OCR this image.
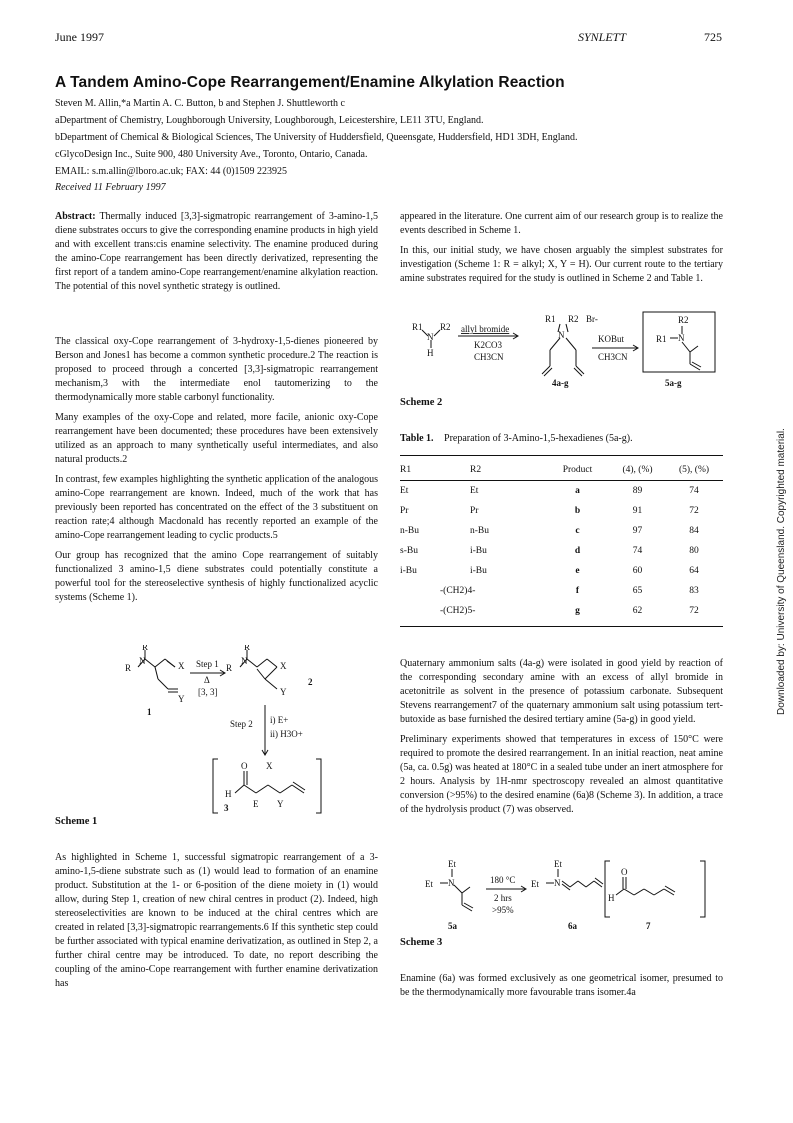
June 1997	SYNLETT	725
A Tandem Amino-Cope Rearrangement/Enamine Alkylation Reaction
Steven M. Allin,*a Martin A. C. Button, b and Stephen J. Shuttleworth c
aDepartment of Chemistry, Loughborough University, Loughborough, Leicestershire, LE11 3TU, England.
bDepartment of Chemical & Biological Sciences, The University of Huddersfield, Queensgate, Huddersfield, HD1 3DH, England.
cGlycoDesign Inc., Suite 900, 480 University Ave., Toronto, Ontario, Canada.
EMAIL: s.m.allin@lboro.ac.uk; FAX: 44 (0)1509 223925
Received 11 February 1997

Abstract: Thermally induced [3,3]-sigmatropic rearrangement of 3-amino-1,5 diene substrates occurs to give the corresponding enamine products in high yield and with excellent trans:cis enamine selectivity. The enamine produced during the amino-Cope rearrangement has been directly derivatized, representing the first report of a tandem amino-Cope rearrangement/enamine alkylation reaction. The potential of this novel synthetic strategy is outlined.

The classical oxy-Cope rearrangement of 3-hydroxy-1,5-dienes pioneered by Berson and Jones1 has become a common synthetic procedure.2 The reaction is proposed to proceed through a concerted [3,3]-sigmatropic rearrangement mechanism,3 with the intermediate enol tautomerizing to the thermodynamically more stable carbonyl functionality.

Many examples of the oxy-Cope and related, more facile, anionic oxy-Cope rearrangement have been documented; these procedures have been extensively utilized as an approach to many synthetically useful intermediates, and also natural products.2

In contrast, few examples highlighting the synthetic application of the analogous amino-Cope rearrangement are known. Indeed, much of the work that has previously been reported has concentrated on the effect of the 3 substituent on reaction rate;4 although Macdonald has recently reported an example of the amino-Cope rearrangement leading to cyclic products.5

Our group has recognized that the amino Cope rearrangement of suitably functionalized 3 amino-1,5 diene substrates could potentially constitute a powerful tool for the stereoselective synthesis of highly functionalized acyclic systems (Scheme 1).

R
R
N	X
Y
1
Step 1
Δ
[3, 3]
R
R
N	X
Y
2
Step 2 i) E+
ii) H3O+
O X
H
E Y
3
Scheme 1

As highlighted in Scheme 1, successful sigmatropic rearrangement of a 3-amino-1,5-diene substrate such as (1) would lead to formation of an enamine product. Substitution at the 1- or 6-position of the diene moiety in (1) would allow, during Step 1, creation of new chiral centres in product (2). Indeed, high stereoselectivities are known to be induced at the chiral centres which are created in related [3,3]-sigmatropic rearrangements.6 If this synthetic step could be further associated with typical enamine derivatization, as outlined in Step 2, a further chiral centre may be introduced. To date, no report describing the coupling of the amino-Cope rearrangement with further enamine derivatization has

appeared in the literature. One current aim of our research group is to realize the events described in Scheme 1.

In this, our initial study, we have chosen arguably the simplest substrates for investigation (Scheme 1: R = alkyl; X, Y = H). Our current route to the tertiary amine substrates required for the study is outlined in Scheme 2 and Table 1.

R1 R2
N
H
allyl bromide
K2CO3
CH3CN
R1 R2
N
Br-
4a-g
KOBut
CH3CN
R2
R1 N
5a-g
Scheme 2
Table 1. Preparation of 3-Amino-1,5-hexadienes (5a-g).
R1	R2	Product	(4), (%)	(5), (%)
Et	Et	a	89	74
Pr	Pr	b	91	72
n-Bu	n-Bu	c	97	84
s-Bu	i-Bu	d	74	80
i-Bu	i-Bu	e	60	64
-(CH2)4-		f	65	83
-(CH2)5-		g	62	72

Quaternary ammonium salts (4a-g) were isolated in good yield by reaction of the corresponding secondary amine with an excess of allyl bromide in acetonitrile as solvent in the presence of potassium carbonate. Subsequent Stevens rearrangement7 of the quaternary ammonium salt using potassium tert-butoxide as base furnished the desired tertiary amine (5a-g) in good yield.

Preliminary experiments showed that temperatures in excess of 150°C were required to promote the desired rearrangement. In an initial reaction, neat amine (5a, ca. 0.5g) was heated at 180°C in a sealed tube under an inert atmosphere for 2 hours. Analysis by 1H-nmr spectroscopy revealed an almost quantitative conversion (>95%) to the desired enamine (6a)8 (Scheme 3). In addition, a trace of the hydrolysis product (7) was observed.

Et
Et N	180 °C
2 hrs
>95%
Et
Et N
O
H
5a	6a	7
Scheme 3

Enamine (6a) was formed exclusively as one geometrical isomer, presumed to be the thermodynamically more favourable trans isomer.4a

Downloaded by: University of Queensland. Copyrighted material.
